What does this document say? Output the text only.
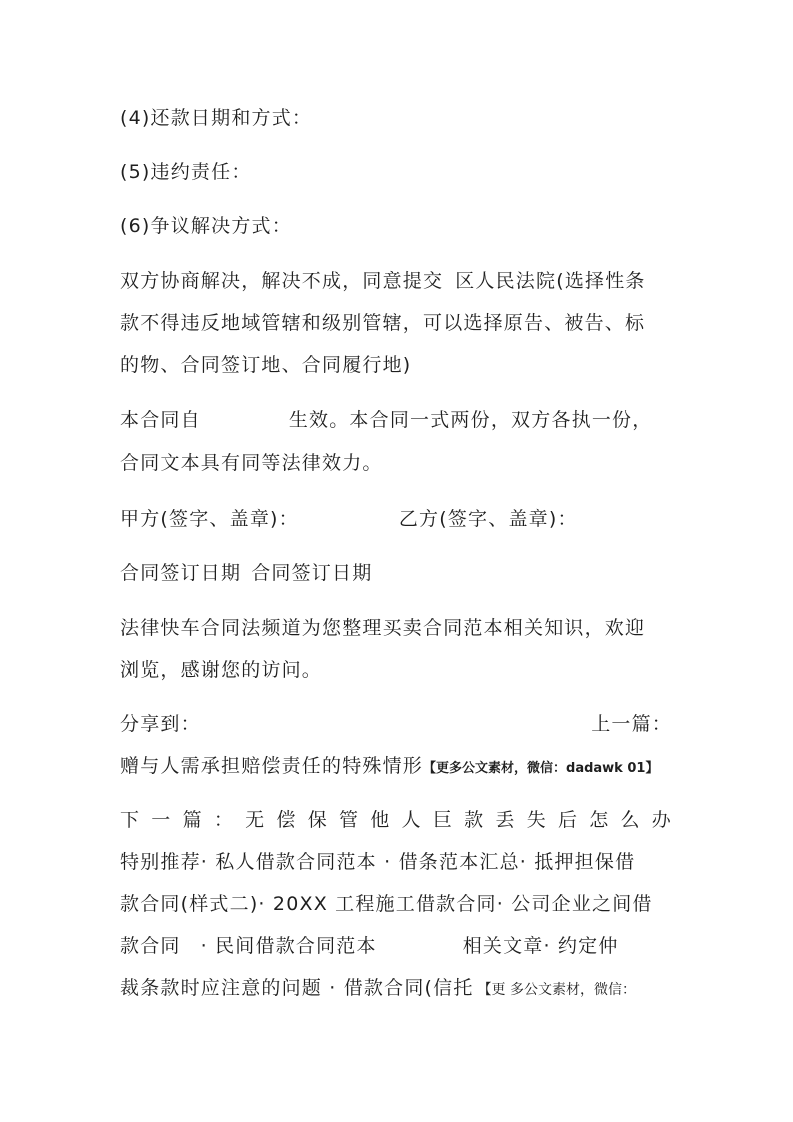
(4)还款日期和方式：
(5)违约责任：
(6)争议解决方式：
双方协商解决，解决不成，同意提交 区人民法院(选择性条
款不得违反地域管辖和级别管辖，可以选择原告、被告、标
的物、合同签订地、合同履行地)
本合同自	生效。本合同一式两份，双方各执一份，
合同文本具有同等法律效力。
甲方(签字、盖章)：	乙方(签字、盖章)：
合同签订日期 合同签订日期
法律快车合同法频道为您整理买卖合同范本相关知识，欢迎
浏览，感谢您的访问。
分享到：	上一篇：
赠与人需承担赔偿责任的特殊情形【更多公文素材，微信：dadawk 01】
下 一 篇 ： 无 偿 保 管 他 人 巨 款 丢 失 后 怎 么 办
特别推荐· 私人借款合同范本 · 借条范本汇总· 抵押担保借
款合同(样式二)· 20XX 工程施工借款合同· 公司企业之间借
款合同 · 民间借款合同范本	相关文章· 约定仲
裁条款时应注意的问题 · 借款合同(信托 【更 多公文素材，微信：
